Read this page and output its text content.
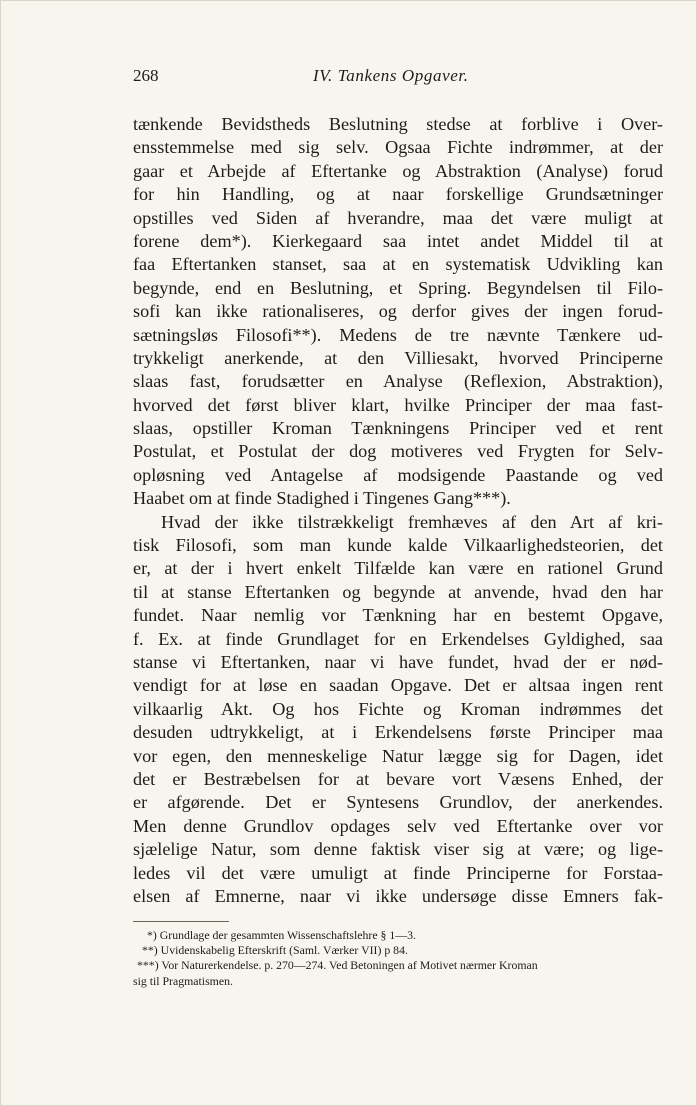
268	IV. Tankens Opgaver.
tænkende Bevidstheds Beslutning stedse at forblive i Over-
ensstemmelse med sig selv. Ogsaa Fichte indrømmer, at der
gaar et Arbejde af Eftertanke og Abstraktion (Analyse) forud
for hin Handling, og at naar forskellige Grundsætninger
opstilles ved Siden af hverandre, maa det være muligt at
forene dem*). Kierkegaard saa intet andet Middel til at
faa Eftertanken stanset, saa at en systematisk Udvikling kan
begynde, end en Beslutning, et Spring. Begyndelsen til Filo-
sofi kan ikke rationaliseres, og derfor gives der ingen forud-
sætningsløs Filosofi**). Medens de tre nævnte Tænkere ud-
trykkeligt anerkende, at den Villiesakt, hvorved Principerne
slaas fast, forudsætter en Analyse (Reflexion, Abstraktion),
hvorved det først bliver klart, hvilke Principer der maa fast-
slaas, opstiller Kroman Tænkningens Principer ved et rent
Postulat, et Postulat der dog motiveres ved Frygten for Selv-
opløsning ved Antagelse af modsigende Paastande og ved
Haabet om at finde Stadighed i Tingenes Gang***).
Hvad der ikke tilstrækkeligt fremhæves af den Art af kri-
tisk Filosofi, som man kunde kalde Vilkaarlighedsteorien, det
er, at der i hvert enkelt Tilfælde kan være en rationel Grund
til at stanse Eftertanken og begynde at anvende, hvad den har
fundet. Naar nemlig vor Tænkning har en bestemt Opgave,
f. Ex. at finde Grundlaget for en Erkendelses Gyldighed, saa
stanse vi Eftertanken, naar vi have fundet, hvad der er nød-
vendigt for at løse en saadan Opgave. Det er altsaa ingen rent
vilkaarlig Akt. Og hos Fichte og Kroman indrømmes det
desuden udtrykkeligt, at i Erkendelsens første Principer maa
vor egen, den menneskelige Natur lægge sig for Dagen, idet
det er Bestræbelsen for at bevare vort Væsens Enhed, der
er afgørende. Det er Syntesens Grundlov, der anerkendes.
Men denne Grundlov opdages selv ved Eftertanke over vor
sjælelige Natur, som denne faktisk viser sig at være; og lige-
ledes vil det være umuligt at finde Principerne for Forstaa-
elsen af Emnerne, naar vi ikke undersøge disse Emners fak-
*) Grundlage der gesammten Wissenschaftslehre § 1—3.
**) Uvidenskabelig Efterskrift (Saml. Værker VII) p 84.
***) Vor Naturerkendelse. p. 270—274. Ved Betoningen af Motivet nærmer Kroman
sig til Pragmatismen.
